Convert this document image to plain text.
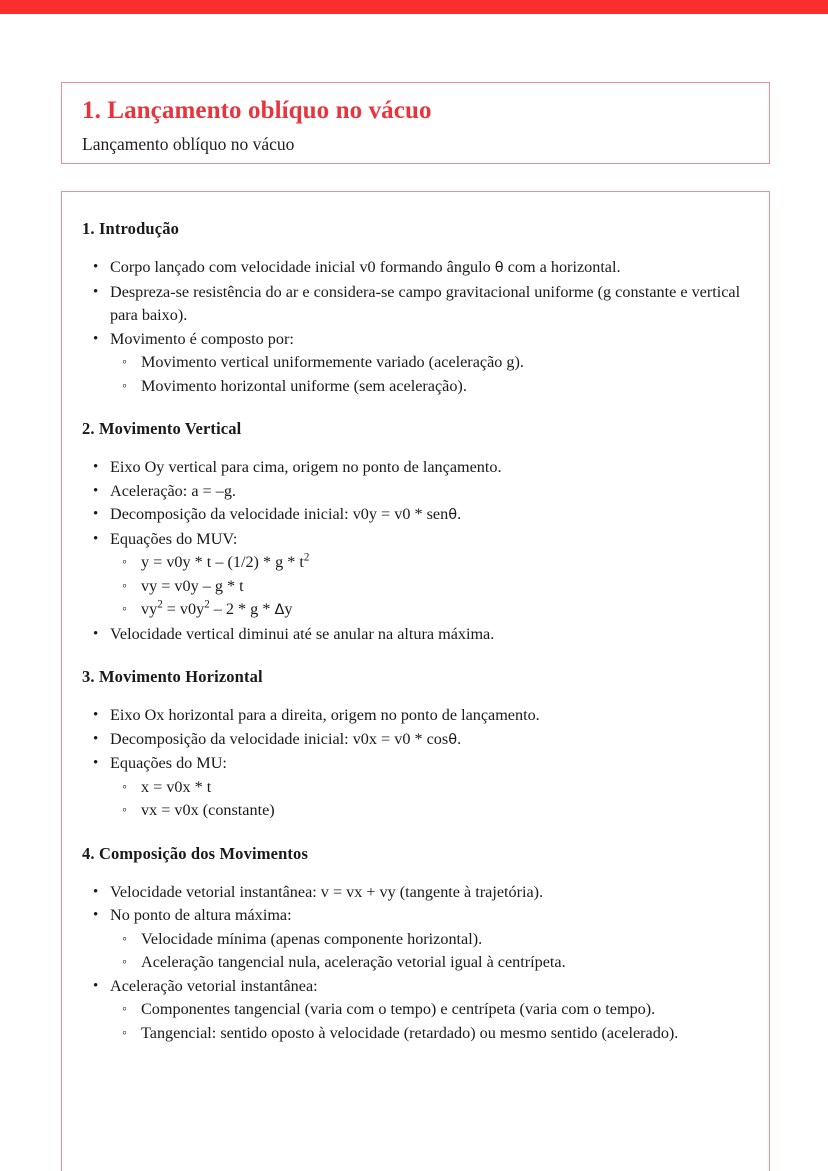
1. Lançamento oblíquo no vácuo

Lançamento oblíquo no vácuo

1. Introdução
• Corpo lançado com velocidade inicial v0 formando ângulo θ com a horizontal.
• Despreza-se resistência do ar e considera-se campo gravitacional uniforme (g constante e vertical para baixo).
• Movimento é composto por:
◦ Movimento vertical uniformemente variado (aceleração g).
◦ Movimento horizontal uniforme (sem aceleração).
2. Movimento Vertical
• Eixo Oy vertical para cima, origem no ponto de lançamento.
• Aceleração: a = –g.
• Decomposição da velocidade inicial: v0y = v0 * senθ.
• Equações do MUV:
◦ $y = v0y * t - (1/2) * g * t^2$
◦ vy = v0y – g * t
◦ $vy^2 = v0y^2 - 2 * g * \Delta y$
• Velocidade vertical diminui até se anular na altura máxima.
3. Movimento Horizontal
• Eixo Ox horizontal para a direita, origem no ponto de lançamento.
• Decomposição da velocidade inicial: v0x = v0 * cosθ.
• Equações do MU:
◦ x = v0x * t
◦ vx = v0x (constante)
4. Composição dos Movimentos
• Velocidade vetorial instantânea: v = vx + vy (tangente à trajetória).
• No ponto de altura máxima:
◦ Velocidade mínima (apenas componente horizontal).
◦ Aceleração tangencial nula, aceleração vetorial igual à centrípeta.
• Aceleração vetorial instantânea:
◦ Componentes tangencial (varia com o tempo) e centrípeta (varia com o tempo).
◦ Tangencial: sentido oposto à velocidade (retardado) ou mesmo sentido (acelerado).
